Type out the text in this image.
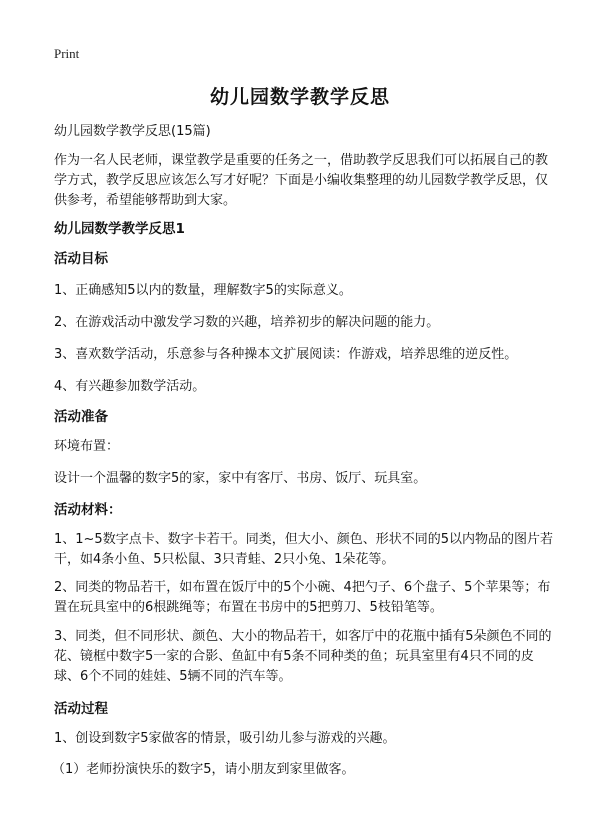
Print
幼儿园数学教学反思
幼儿园数学教学反思(15篇)
作为一名人民老师，课堂教学是重要的任务之一，借助教学反思我们可以拓展自己的教学方式，教学反思应该怎么写才好呢？下面是小编收集整理的幼儿园数学教学反思，仅供参考，希望能够帮助到大家。
幼儿园数学教学反思1
活动目标
1、正确感知5以内的数量，理解数字5的实际意义。
2、在游戏活动中激发学习数的兴趣，培养初步的解决问题的能力。
3、喜欢数学活动，乐意参与各种操本文扩展阅读：作游戏，培养思维的逆反性。
4、有兴趣参加数学活动。
活动准备
环境布置：
设计一个温馨的数字5的家，家中有客厅、书房、饭厅、玩具室。
活动材料：
1、1~5数字点卡、数字卡若干。同类，但大小、颜色、形状不同的5以内物品的图片若干，如4条小鱼、5只松鼠、3只青蛙、2只小兔、1朵花等。
2、同类的物品若干，如布置在饭厅中的5个小碗、4把勺子、6个盘子、5个苹果等；布置在玩具室中的6根跳绳等；布置在书房中的5把剪刀、5枝铅笔等。
3、同类，但不同形状、颜色、大小的物品若干，如客厅中的花瓶中插有5朵颜色不同的花、镜框中数字5一家的合影、鱼缸中有5条不同种类的鱼；玩具室里有4只不同的皮球、6个不同的娃娃、5辆不同的汽车等。
活动过程
1、创设到数字5家做客的情景，吸引幼儿参与游戏的兴趣。
（1）老师扮演快乐的数字5，请小朋友到家里做客。
